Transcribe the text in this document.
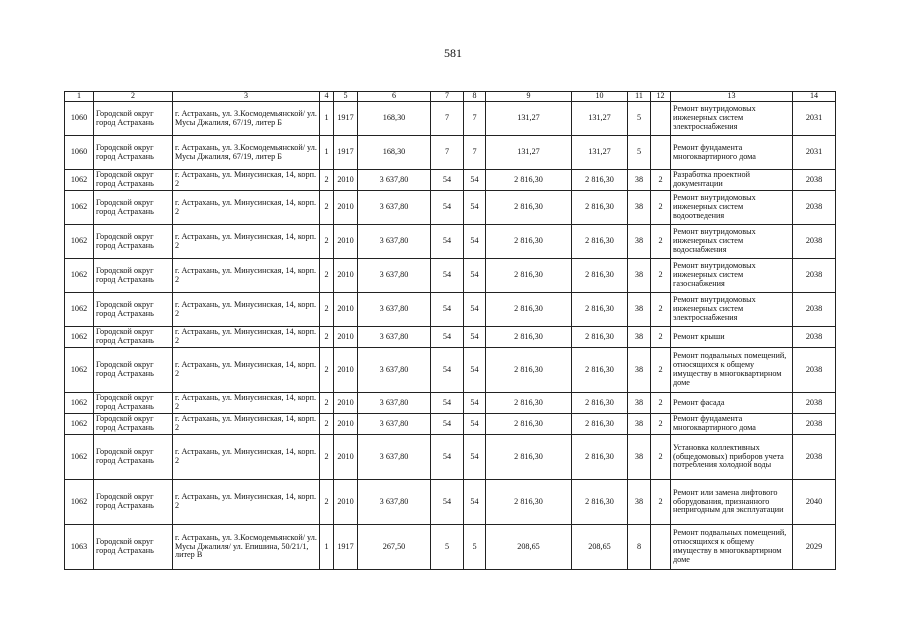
581
1	2	3	4	5	6	7	8	9	10	11	12	13	14
1060	Городской округ город Астрахань	г. Астрахань, ул. З.Космодемьянской/ ул. Мусы Джалиля, 67/19, литер Б	1	1917	168,30	7	7	131,27	131,27	5		Ремонт внутридомовых инженерных систем электроснабжения	2031
1060	Городской округ город Астрахань	г. Астрахань, ул. З.Космодемьянской/ ул. Мусы Джалиля, 67/19, литер Б	1	1917	168,30	7	7	131,27	131,27	5		Ремонт фундамента многоквартирного дома	2031
1062	Городской округ город Астрахань	г. Астрахань, ул. Минусинская, 14, корп. 2	2	2010	3 637,80	54	54	2 816,30	2 816,30	38	2	Разработка проектной документации	2038
1062	Городской округ город Астрахань	г. Астрахань, ул. Минусинская, 14, корп. 2	2	2010	3 637,80	54	54	2 816,30	2 816,30	38	2	Ремонт внутридомовых инженерных систем водоотведения	2038
1062	Городской округ город Астрахань	г. Астрахань, ул. Минусинская, 14, корп. 2	2	2010	3 637,80	54	54	2 816,30	2 816,30	38	2	Ремонт внутридомовых инженерных систем водоснабжения	2038
1062	Городской округ город Астрахань	г. Астрахань, ул. Минусинская, 14, корп. 2	2	2010	3 637,80	54	54	2 816,30	2 816,30	38	2	Ремонт внутридомовых инженерных систем газоснабжения	2038
1062	Городской округ город Астрахань	г. Астрахань, ул. Минусинская, 14, корп. 2	2	2010	3 637,80	54	54	2 816,30	2 816,30	38	2	Ремонт внутридомовых инженерных систем электроснабжения	2038
1062	Городской округ город Астрахань	г. Астрахань, ул. Минусинская, 14, корп. 2	2	2010	3 637,80	54	54	2 816,30	2 816,30	38	2	Ремонт крыши	2038
1062	Городской округ город Астрахань	г. Астрахань, ул. Минусинская, 14, корп. 2	2	2010	3 637,80	54	54	2 816,30	2 816,30	38	2	Ремонт подвальных помещений, относящихся к общему имуществу в многоквартирном доме	2038
1062	Городской округ город Астрахань	г. Астрахань, ул. Минусинская, 14, корп. 2	2	2010	3 637,80	54	54	2 816,30	2 816,30	38	2	Ремонт фасада	2038
1062	Городской округ город Астрахань	г. Астрахань, ул. Минусинская, 14, корп. 2	2	2010	3 637,80	54	54	2 816,30	2 816,30	38	2	Ремонт фундамента многоквартирного дома	2038
1062	Городской округ город Астрахань	г. Астрахань, ул. Минусинская, 14, корп. 2	2	2010	3 637,80	54	54	2 816,30	2 816,30	38	2	Установка коллективных (общедомовых) приборов учета потребления холодной воды	2038
1062	Городской округ город Астрахань	г. Астрахань, ул. Минусинская, 14, корп. 2	2	2010	3 637,80	54	54	2 816,30	2 816,30	38	2	Ремонт или замена лифтового оборудования, признанного непригодным для эксплуатации	2040
1063	Городской округ город Астрахань	г. Астрахань, ул. З.Космодемьянской/ ул. Мусы Джалиля/ ул. Епишина, 50/21/1, литер В	1	1917	267,50	5	5	208,65	208,65	8		Ремонт подвальных помещений, относящихся к общему имуществу в многоквартирном доме	2029
